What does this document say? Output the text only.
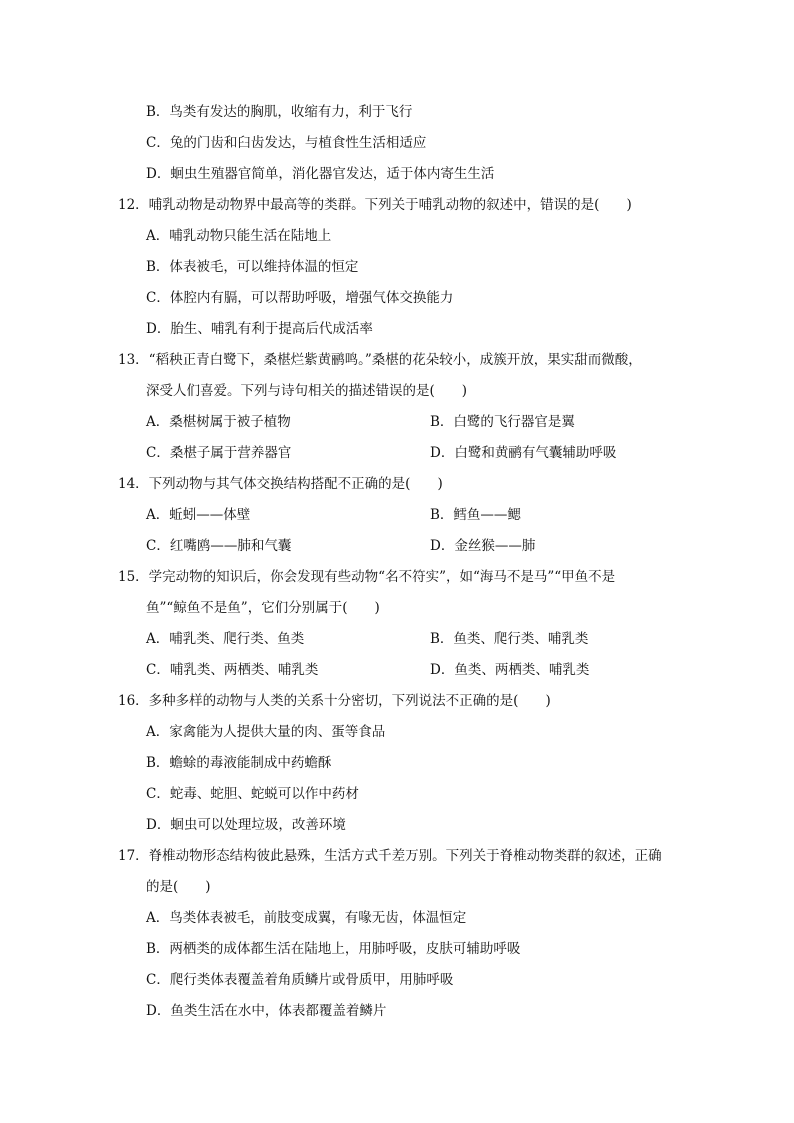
B．鸟类有发达的胸肌，收缩有力，利于飞行
C．兔的门齿和臼齿发达，与植食性生活相适应
D．蛔虫生殖器官简单，消化器官发达，适于体内寄生生活
12．哺乳动物是动物界中最高等的类群。下列关于哺乳动物的叙述中，错误的是(　　)
A．哺乳动物只能生活在陆地上
B．体表被毛，可以维持体温的恒定
C．体腔内有膈，可以帮助呼吸，增强气体交换能力
D．胎生、哺乳有利于提高后代成活率
13．“稻秧正青白鹭下，桑椹烂紫黄鹂鸣。”桑椹的花朵较小，成簇开放，果实甜而微酸，
深受人们喜爱。下列与诗句相关的描述错误的是(　　)
A．桑椹树属于被子植物	B．白鹭的飞行器官是翼
C．桑椹子属于营养器官	D．白鹭和黄鹂有气囊辅助呼吸
14．下列动物与其气体交换结构搭配不正确的是(　　)
A．蚯蚓——体壁	B．鳕鱼——鳃
C．红嘴鸥——肺和气囊	D．金丝猴——肺
15．学完动物的知识后，你会发现有些动物“名不符实”，如“海马不是马”“甲鱼不是
鱼”“鲸鱼不是鱼”，它们分别属于(　　)
A．哺乳类、爬行类、鱼类	B．鱼类、爬行类、哺乳类
C．哺乳类、两栖类、哺乳类	D．鱼类、两栖类、哺乳类
16．多种多样的动物与人类的关系十分密切，下列说法不正确的是(　　)
A．家禽能为人提供大量的肉、蛋等食品
B．蟾蜍的毒液能制成中药蟾酥
C．蛇毒、蛇胆、蛇蜕可以作中药材
D．蛔虫可以处理垃圾，改善环境
17．脊椎动物形态结构彼此悬殊，生活方式千差万别。下列关于脊椎动物类群的叙述，正确
的是(　　)
A．鸟类体表被毛，前肢变成翼，有喙无齿，体温恒定
B．两栖类的成体都生活在陆地上，用肺呼吸，皮肤可辅助呼吸
C．爬行类体表覆盖着角质鳞片或骨质甲，用肺呼吸
D．鱼类生活在水中，体表都覆盖着鳞片
